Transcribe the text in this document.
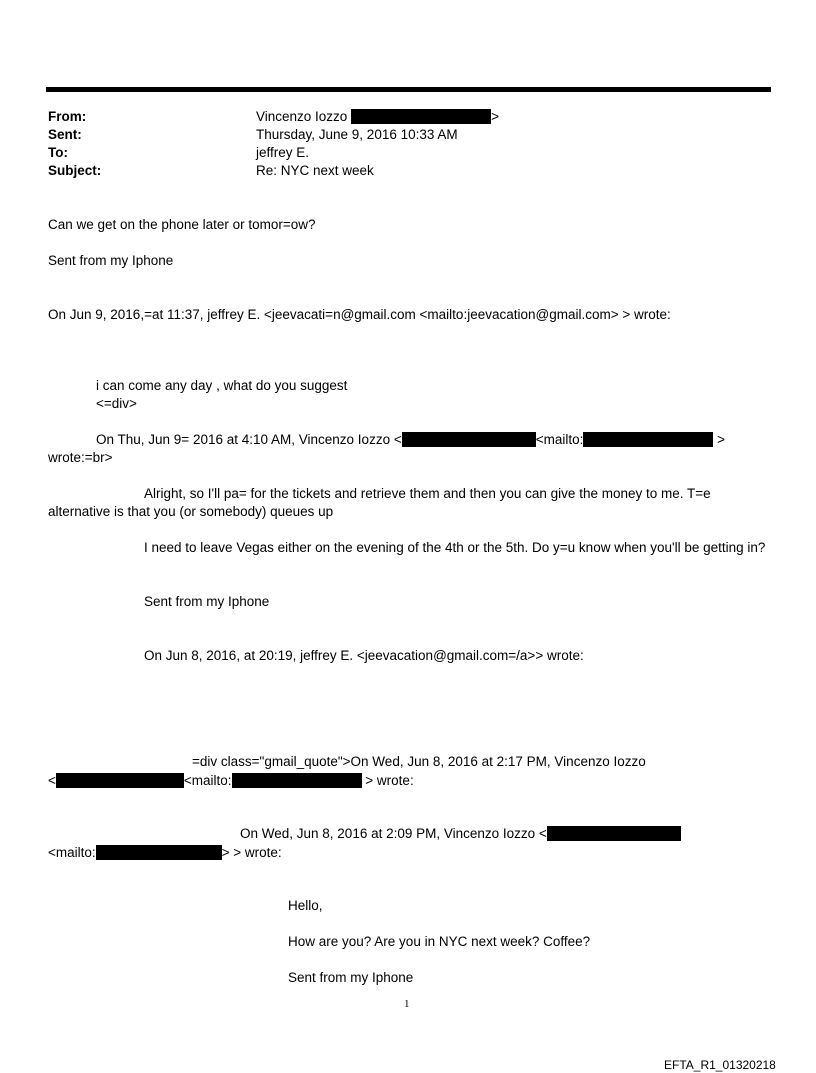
From:	Vincenzo Iozzo	>
Sent:	Thursday, June 9, 2016 10:33 AM
To:	jeffrey E.
Subject:	Re: NYC next week
Can we get on the phone later or tomor=ow?
Sent from my Iphone
On Jun 9, 2016,=at 11:37, jeffrey E. <jeevacati=n@gmail.com <mailto:jeevacation@gmail.com> > wrote:
i can come any day , what do you suggest
<=div>
On Thu, Jun 9= 2016 at 4:10 AM, Vincenzo Iozzo <	<mailto:	>
wrote:=br>
Alright, so I'll pa= for the tickets and retrieve them and then you can give the money to me. T=e
alternative is that you (or somebody) queues up
I need to leave Vegas either on the evening of the 4th or the 5th. Do y=u know when you'll be getting in?
Sent from my Iphone
On Jun 8, 2016, at 20:19, jeffrey E. <jeevacation@gmail.com=/a>> wrote:
=div class="gmail_quote">On Wed, Jun 8, 2016 at 2:17 PM, Vincenzo Iozzo
<	<mailto:	> wrote:
On Wed, Jun 8, 2016 at 2:09 PM, Vincenzo Iozzo <
<mailto:	> > wrote:
Hello,
How are you? Are you in NYC next week? Coffee?
Sent from my Iphone
1
EFTA_R1_01320218
